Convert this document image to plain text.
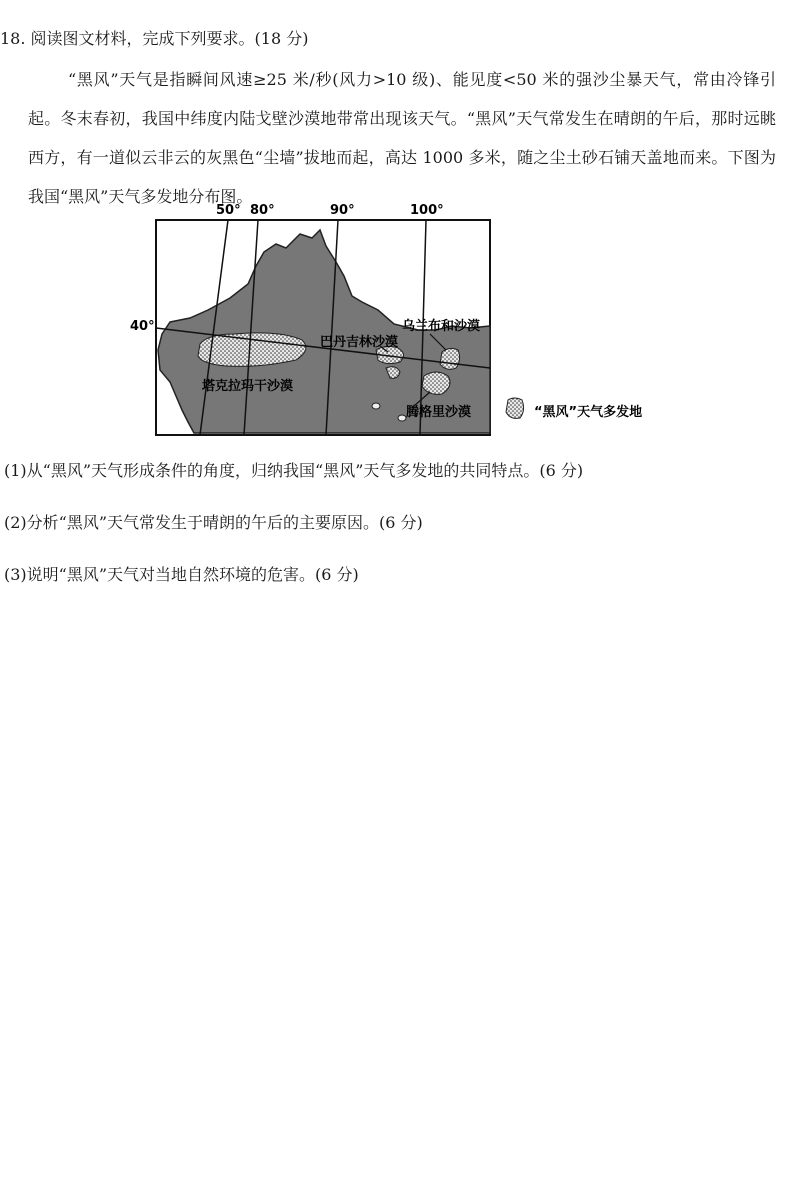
18. 阅读图文材料，完成下列要求。(18 分)
“黑风”天气是指瞬间风速≥25 米/秒(风力>10 级)、能见度<50 米的强沙尘暴天气，常由冷锋引起。冬末春初，我国中纬度内陆戈壁沙漠地带常出现该天气。“黑风”天气常发生在晴朗的午后，那时远眺西方，有一道似云非云的灰黑色“尘墙”拔地而起，高达 1000 多米，随之尘土砂石铺天盖地而来。下图为我国“黑风”天气多发地分布图。
50° 80°	90°	100°
40°
塔克拉玛干沙漠
巴丹吉林沙漠
乌兰布和沙漠
腾格里沙漠	“黑风”天气多发地
(1)从“黑风”天气形成条件的角度，归纳我国“黑风”天气多发地的共同特点。(6 分)
(2)分析“黑风”天气常发生于晴朗的午后的主要原因。(6 分)
(3)说明“黑风”天气对当地自然环境的危害。(6 分)
